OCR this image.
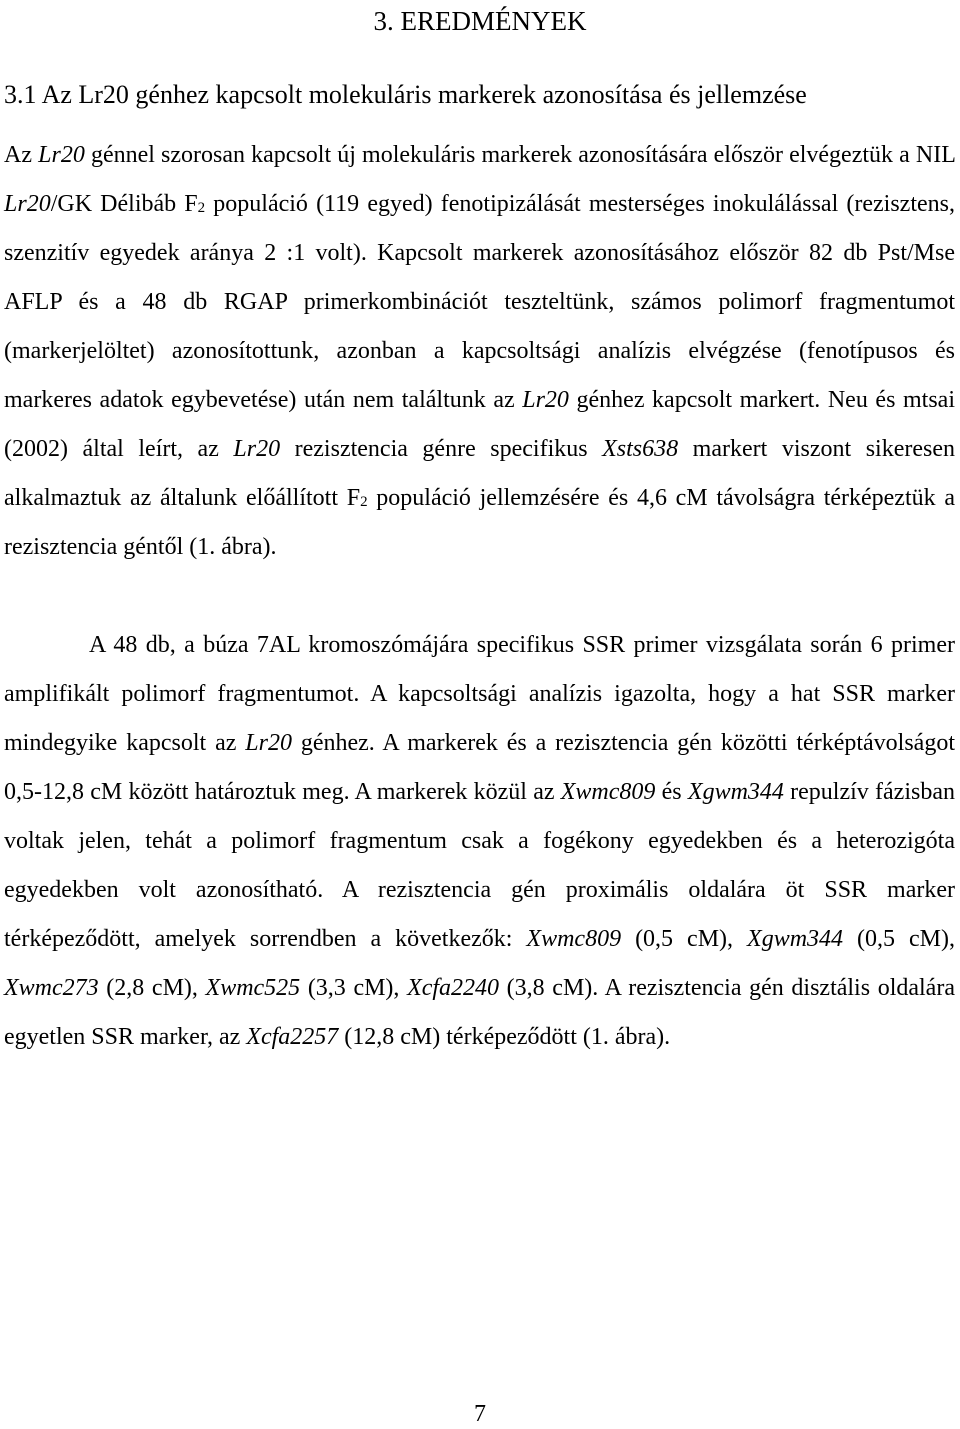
3. EREDMÉNYEK
3.1 Az Lr20 génhez kapcsolt molekuláris markerek azonosítása és jellemzése

Az Lr20 génnel szorosan kapcsolt új molekuláris markerek azonosítására először elvégeztük a NIL Lr20/GK Délibáb $F_2$ populáció (119 egyed) fenotipizálását mesterséges inokulálással (rezisztens, szenzitív egyedek aránya 2 :1 volt). Kapcsolt markerek azonosításához először 82 db Pst/Mse AFLP és a 48 db RGAP primerkombinációt teszteltünk, számos polimorf fragmentumot (markerjelöltet) azonosítottunk, azonban a kapcsoltsági analízis elvégzése (fenotípusos és markeres adatok egybevetése) után nem találtunk az Lr20 génhez kapcsolt markert. Neu és mtsai (2002) által leírt, az Lr20 rezisztencia génre specifikus Xsts638 markert viszont sikeresen alkalmaztuk az általunk előállított $F_2$ populáció jellemzésére és 4,6 cM távolságra térképeztük a rezisztencia géntől (1. ábra).

A 48 db, a búza 7AL kromoszómájára specifikus SSR primer vizsgálata során 6 primer amplifikált polimorf fragmentumot. A kapcsoltsági analízis igazolta, hogy a hat SSR marker mindegyike kapcsolt az Lr20 génhez. A markerek és a rezisztencia gén közötti térképtávolságot 0,5-12,8 cM között határoztuk meg. A markerek közül az Xwmc809 és Xgwm344 repulzív fázisban voltak jelen, tehát a polimorf fragmentum csak a fogékony egyedekben és a heterozigóta egyedekben volt azonosítható. A rezisztencia gén proximális oldalára öt SSR marker térképeződött, amelyek sorrendben a következők: Xwmc809 (0,5 cM), Xgwm344 (0,5 cM), Xwmc273 (2,8 cM), Xwmc525 (3,3 cM), Xcfa2240 (3,8 cM). A rezisztencia gén disztális oldalára egyetlen SSR marker, az Xcfa2257 (12,8 cM) térképeződött (1. ábra).

7
